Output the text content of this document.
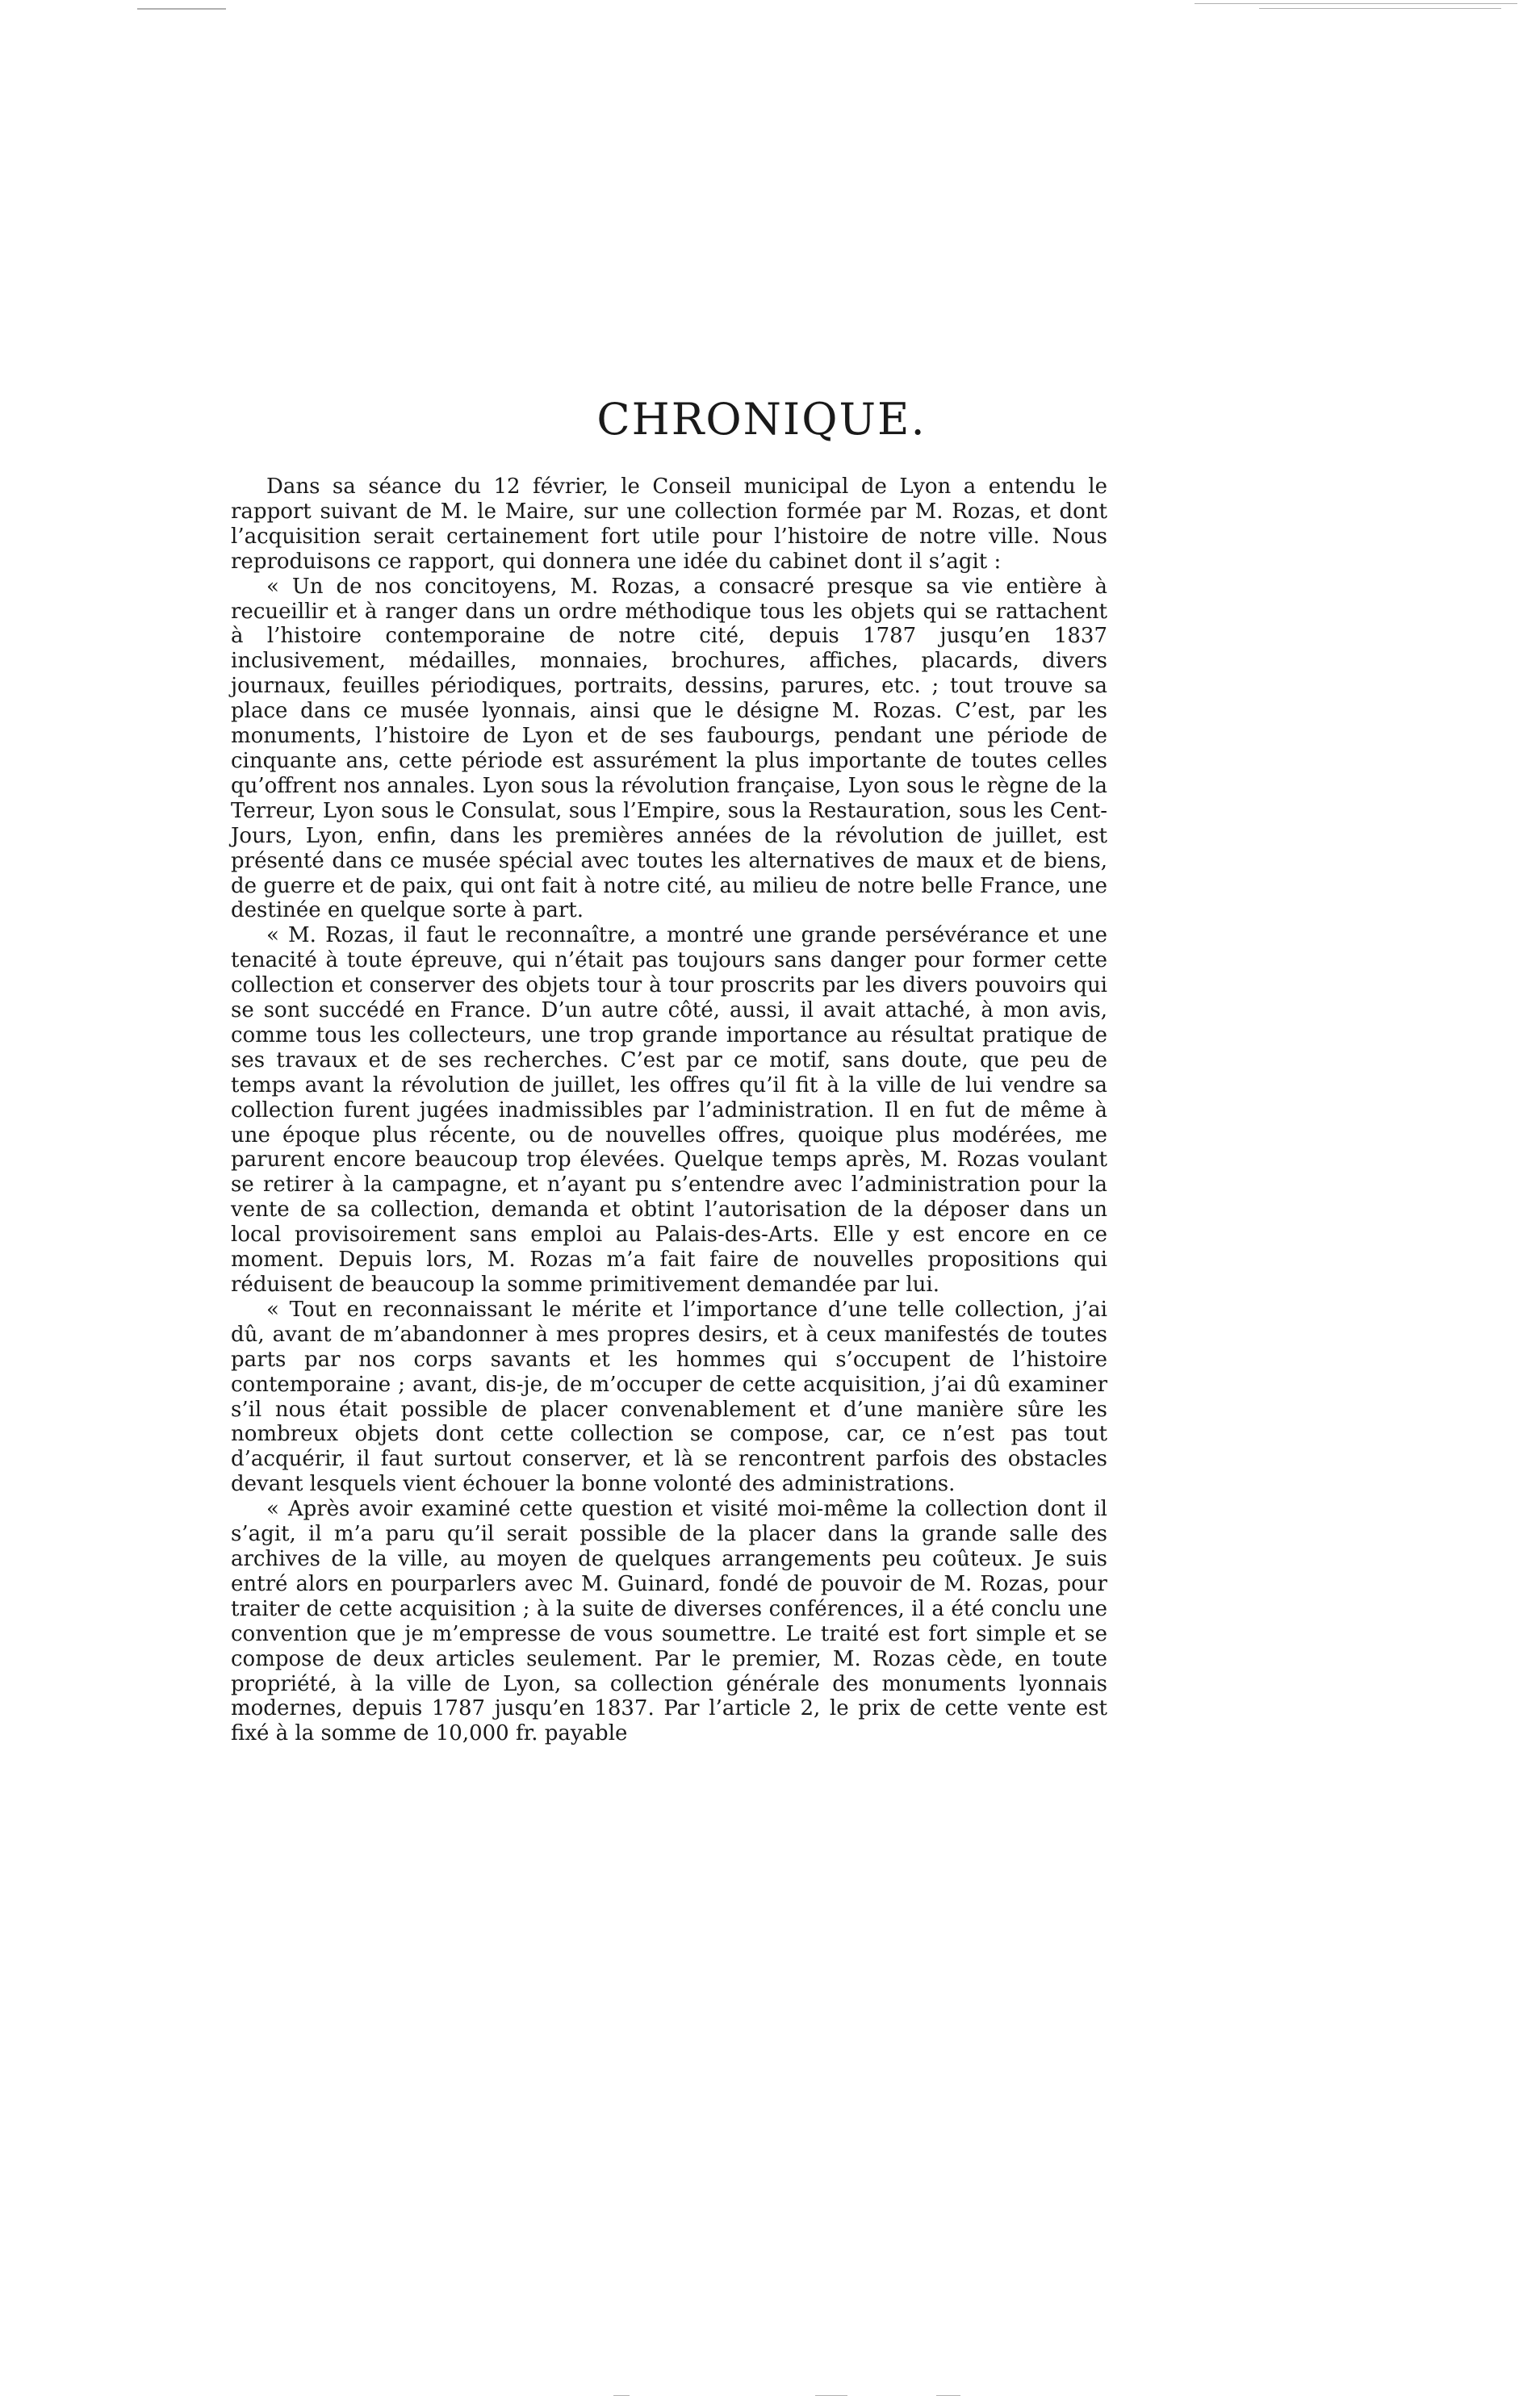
CHRONIQUE.

Dans sa séance du 12 février, le Conseil municipal de Lyon a entendu le rapport suivant de M. le Maire, sur une collection formée par M. Rozas, et dont l’acquisition serait certainement fort utile pour l’histoire de notre ville. Nous reproduisons ce rapport, qui donnera une idée du cabinet dont il s’agit :

« Un de nos concitoyens, M. Rozas, a consacré presque sa vie entière à recueillir et à ranger dans un ordre méthodique tous les objets qui se rattachent à l’histoire contemporaine de notre cité, depuis 1787 jusqu’en 1837 inclusivement, médailles, monnaies, brochures, affiches, placards, divers journaux, feuilles périodiques, portraits, dessins, parures, etc. ; tout trouve sa place dans ce musée lyonnais, ainsi que le désigne M. Rozas. C’est, par les monuments, l’histoire de Lyon et de ses faubourgs, pendant une période de cinquante ans, cette période est assurément la plus importante de toutes celles qu’offrent nos annales. Lyon sous la révolution française, Lyon sous le règne de la Terreur, Lyon sous le Consulat, sous l’Empire, sous la Restauration, sous les Cent-Jours, Lyon, enfin, dans les premières années de la révolution de juillet, est présenté dans ce musée spécial avec toutes les alternatives de maux et de biens, de guerre et de paix, qui ont fait à notre cité, au milieu de notre belle France, une destinée en quelque sorte à part.

« M. Rozas, il faut le reconnaître, a montré une grande persévérance et une tenacité à toute épreuve, qui n’était pas toujours sans danger pour former cette collection et conserver des objets tour à tour proscrits par les divers pouvoirs qui se sont succédé en France. D’un autre côté, aussi, il avait attaché, à mon avis, comme tous les collecteurs, une trop grande importance au résultat pratique de ses travaux et de ses recherches. C’est par ce motif, sans doute, que peu de temps avant la révolution de juillet, les offres qu’il fit à la ville de lui vendre sa collection furent jugées inadmissibles par l’administration. Il en fut de même à une époque plus récente, ou de nouvelles offres, quoique plus modérées, me parurent encore beaucoup trop élevées. Quelque temps après, M. Rozas voulant se retirer à la campagne, et n’ayant pu s’entendre avec l’administration pour la vente de sa collection, demanda et obtint l’autorisation de la déposer dans un local provisoirement sans emploi au Palais-des-Arts. Elle y est encore en ce moment. Depuis lors, M. Rozas m’a fait faire de nouvelles propositions qui réduisent de beaucoup la somme primitivement demandée par lui.

« Tout en reconnaissant le mérite et l’importance d’une telle collection, j’ai dû, avant de m’abandonner à mes propres desirs, et à ceux manifestés de toutes parts par nos corps savants et les hommes qui s’occupent de l’histoire contemporaine ; avant, dis-je, de m’occuper de cette acquisition, j’ai dû examiner s’il nous était possible de placer convenablement et d’une manière sûre les nombreux objets dont cette collection se compose, car, ce n’est pas tout d’acquérir, il faut surtout conserver, et là se rencontrent parfois des obstacles devant lesquels vient échouer la bonne volonté des administrations.

« Après avoir examiné cette question et visité moi-même la collection dont il s’agit, il m’a paru qu’il serait possible de la placer dans la grande salle des archives de la ville, au moyen de quelques arrangements peu coûteux. Je suis entré alors en pourparlers avec M. Guinard, fondé de pouvoir de M. Rozas, pour traiter de cette acquisition ; à la suite de diverses conférences, il a été conclu une convention que je m’empresse de vous soumettre. Le traité est fort simple et se compose de deux articles seulement. Par le premier, M. Rozas cède, en toute propriété, à la ville de Lyon, sa collection générale des monuments lyonnais modernes, depuis 1787 jusqu’en 1837. Par l’article 2, le prix de cette vente est fixé à la somme de 10,000 fr. payable
